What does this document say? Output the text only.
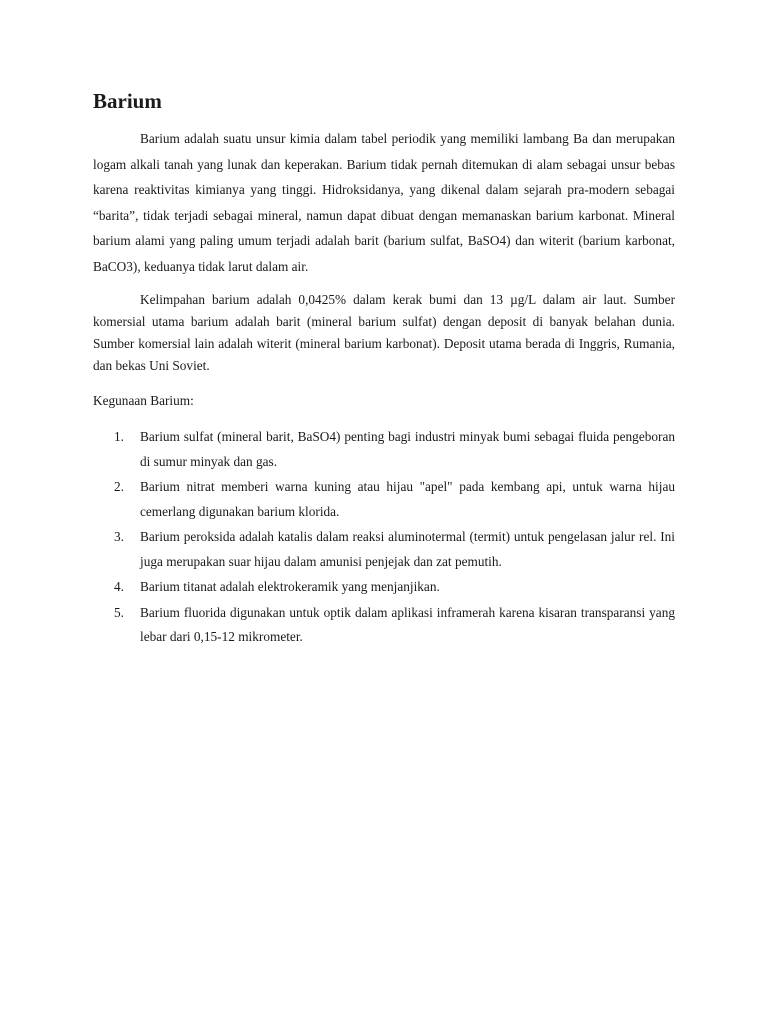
Barium

Barium adalah suatu unsur kimia dalam tabel periodik yang memiliki lambang Ba dan merupakan logam alkali tanah yang lunak dan keperakan. Barium tidak pernah ditemukan di alam sebagai unsur bebas karena reaktivitas kimianya yang tinggi. Hidroksidanya, yang dikenal dalam sejarah pra-modern sebagai “barita”, tidak terjadi sebagai mineral, namun dapat dibuat dengan memanaskan barium karbonat. Mineral barium alami yang paling umum terjadi adalah barit (barium sulfat, BaSO4) dan witerit (barium karbonat, BaCO3), keduanya tidak larut dalam air.

Kelimpahan barium adalah 0,0425% dalam kerak bumi dan 13 µg/L dalam air laut. Sumber komersial utama barium adalah barit (mineral barium sulfat) dengan deposit di banyak belahan dunia. Sumber komersial lain adalah witerit (mineral barium karbonat). Deposit utama berada di Inggris, Rumania, dan bekas Uni Soviet.

Kegunaan Barium:

1. Barium sulfat (mineral barit, BaSO4) penting bagi industri minyak bumi sebagai fluida pengeboran di sumur minyak dan gas.
2. Barium nitrat memberi warna kuning atau hijau "apel" pada kembang api, untuk warna hijau cemerlang digunakan barium klorida.
3. Barium peroksida adalah katalis dalam reaksi aluminotermal (termit) untuk pengelasan jalur rel. Ini juga merupakan suar hijau dalam amunisi penjejak dan zat pemutih.
4. Barium titanat adalah elektrokeramik yang menjanjikan.
5. Barium fluorida digunakan untuk optik dalam aplikasi inframerah karena kisaran transparansi yang lebar dari 0,15-12 mikrometer.
